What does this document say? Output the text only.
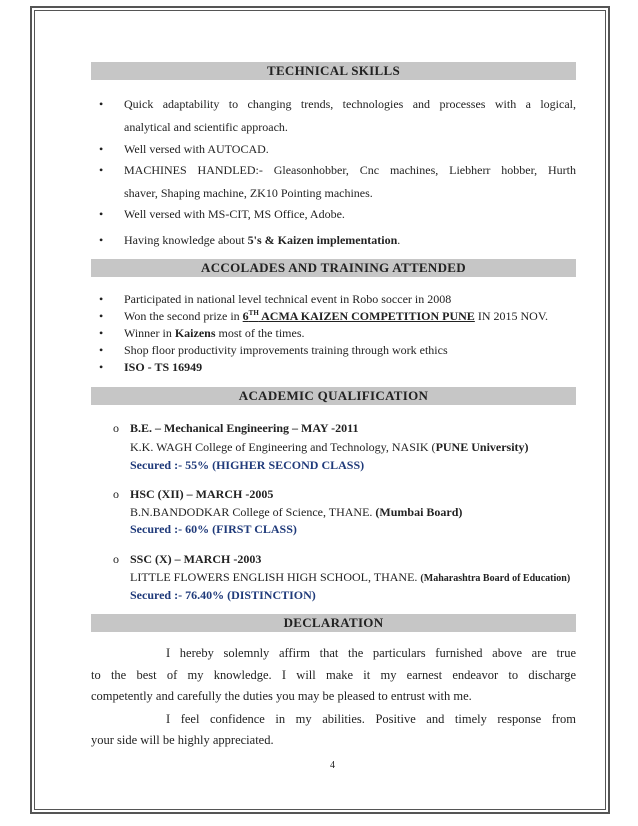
TECHNICAL SKILLS
• Quick adaptability to changing trends, technologies and processes with a logical,
analytical and scientific approach.
• Well versed with AUTOCAD.
• MACHINES HANDLED:- Gleasonhobber, Cnc machines, Liebherr hobber, Hurth
shaver, Shaping machine, ZK10 Pointing machines.
• Well versed with MS-CIT, MS Office, Adobe.
• Having knowledge about 5's & Kaizen implementation.
ACCOLADES AND TRAINING ATTENDED
• Participated in national level technical event in Robo soccer in 2008
• Won the second prize in 6TH ACMA KAIZEN COMPETITION PUNE IN 2015 NOV.
• Winner in Kaizens most of the times.
• Shop floor productivity improvements training through work ethics
• ISO - TS 16949
ACADEMIC QUALIFICATION
o B.E. – Mechanical Engineering – MAY -2011
K.K. WAGH College of Engineering and Technology, NASIK (PUNE University)
Secured :- 55% (HIGHER SECOND CLASS)
o HSC (XII) – MARCH -2005
B.N.BANDODKAR College of Science, THANE. (Mumbai Board)
Secured :- 60% (FIRST CLASS)
o SSC (X) – MARCH -2003
LITTLE FLOWERS ENGLISH HIGH SCHOOL, THANE. (Maharashtra Board of Education)
Secured :- 76.40% (DISTINCTION)
DECLARATION
I hereby solemnly affirm that the particulars furnished above are true
to the best of my knowledge. I will make it my earnest endeavor to discharge
competently and carefully the duties you may be pleased to entrust with me.
I feel confidence in my abilities. Positive and timely response from
your side will be highly appreciated.
4
